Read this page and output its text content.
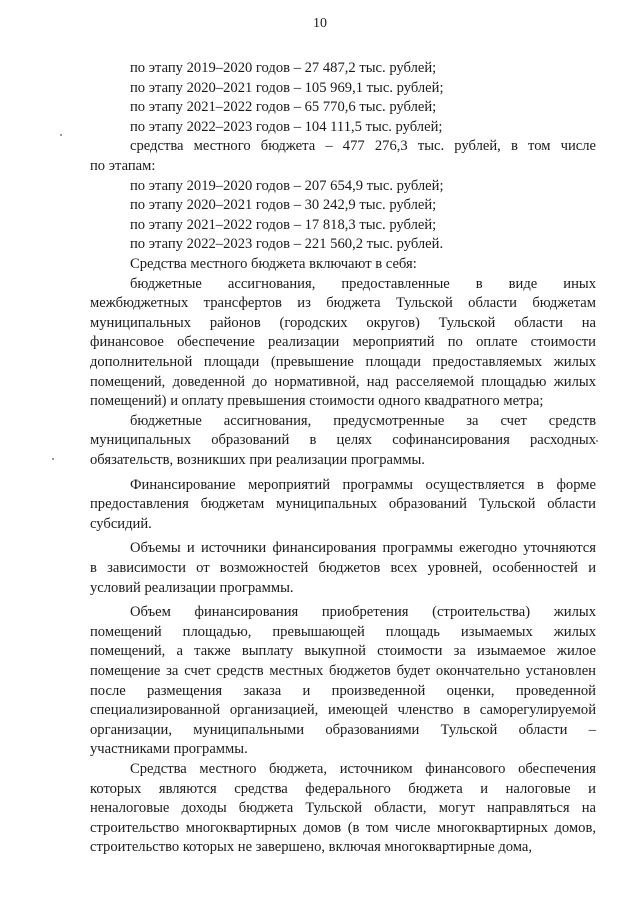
10
по этапу 2019–2020 годов – 27 487,2 тыс. рублей;
по этапу 2020–2021 годов – 105 969,1 тыс. рублей;
по этапу 2021–2022 годов – 65 770,6 тыс. рублей;
по этапу 2022–2023 годов – 104 111,5 тыс. рублей;
средства местного бюджета – 477 276,3 тыс. рублей, в том числе
по этапам:
по этапу 2019–2020 годов – 207 654,9 тыс. рублей;
по этапу 2020–2021 годов – 30 242,9 тыс. рублей;
по этапу 2021–2022 годов – 17 818,3 тыс. рублей;
по этапу 2022–2023 годов – 221 560,2 тыс. рублей.
Средства местного бюджета включают в себя:
бюджетные ассигнования, предоставленные в виде иных
межбюджетных трансфертов из бюджета Тульской области бюджетам
муниципальных районов (городских округов) Тульской области на
финансовое обеспечение реализации мероприятий по оплате стоимости
дополнительной площади (превышение площади предоставляемых жилых
помещений, доведенной до нормативной, над расселяемой площадью жилых
помещений) и оплату превышения стоимости одного квадратного метра;
бюджетные ассигнования, предусмотренные за счет средств
муниципальных образований в целях софинансирования расходных
обязательств, возникших при реализации программы.
Финансирование мероприятий программы осуществляется в форме
предоставления бюджетам муниципальных образований Тульской области
субсидий.
Объемы и источники финансирования программы ежегодно уточняются
в зависимости от возможностей бюджетов всех уровней, особенностей и
условий реализации программы.
Объем финансирования приобретения (строительства) жилых
помещений площадью, превышающей площадь изымаемых жилых
помещений, а также выплату выкупной стоимости за изымаемое жилое
помещение за счет средств местных бюджетов будет окончательно установлен
после размещения заказа и произведенной оценки, проведенной
специализированной организацией, имеющей членство в саморегулируемой
организации, муниципальными образованиями Тульской области –
участниками программы.
Средства местного бюджета, источником финансового обеспечения
которых являются средства федерального бюджета и налоговые и
неналоговые доходы бюджета Тульской области, могут направляться на
строительство многоквартирных домов (в том числе многоквартирных домов,
строительство которых не завершено, включая многоквартирные дома,
